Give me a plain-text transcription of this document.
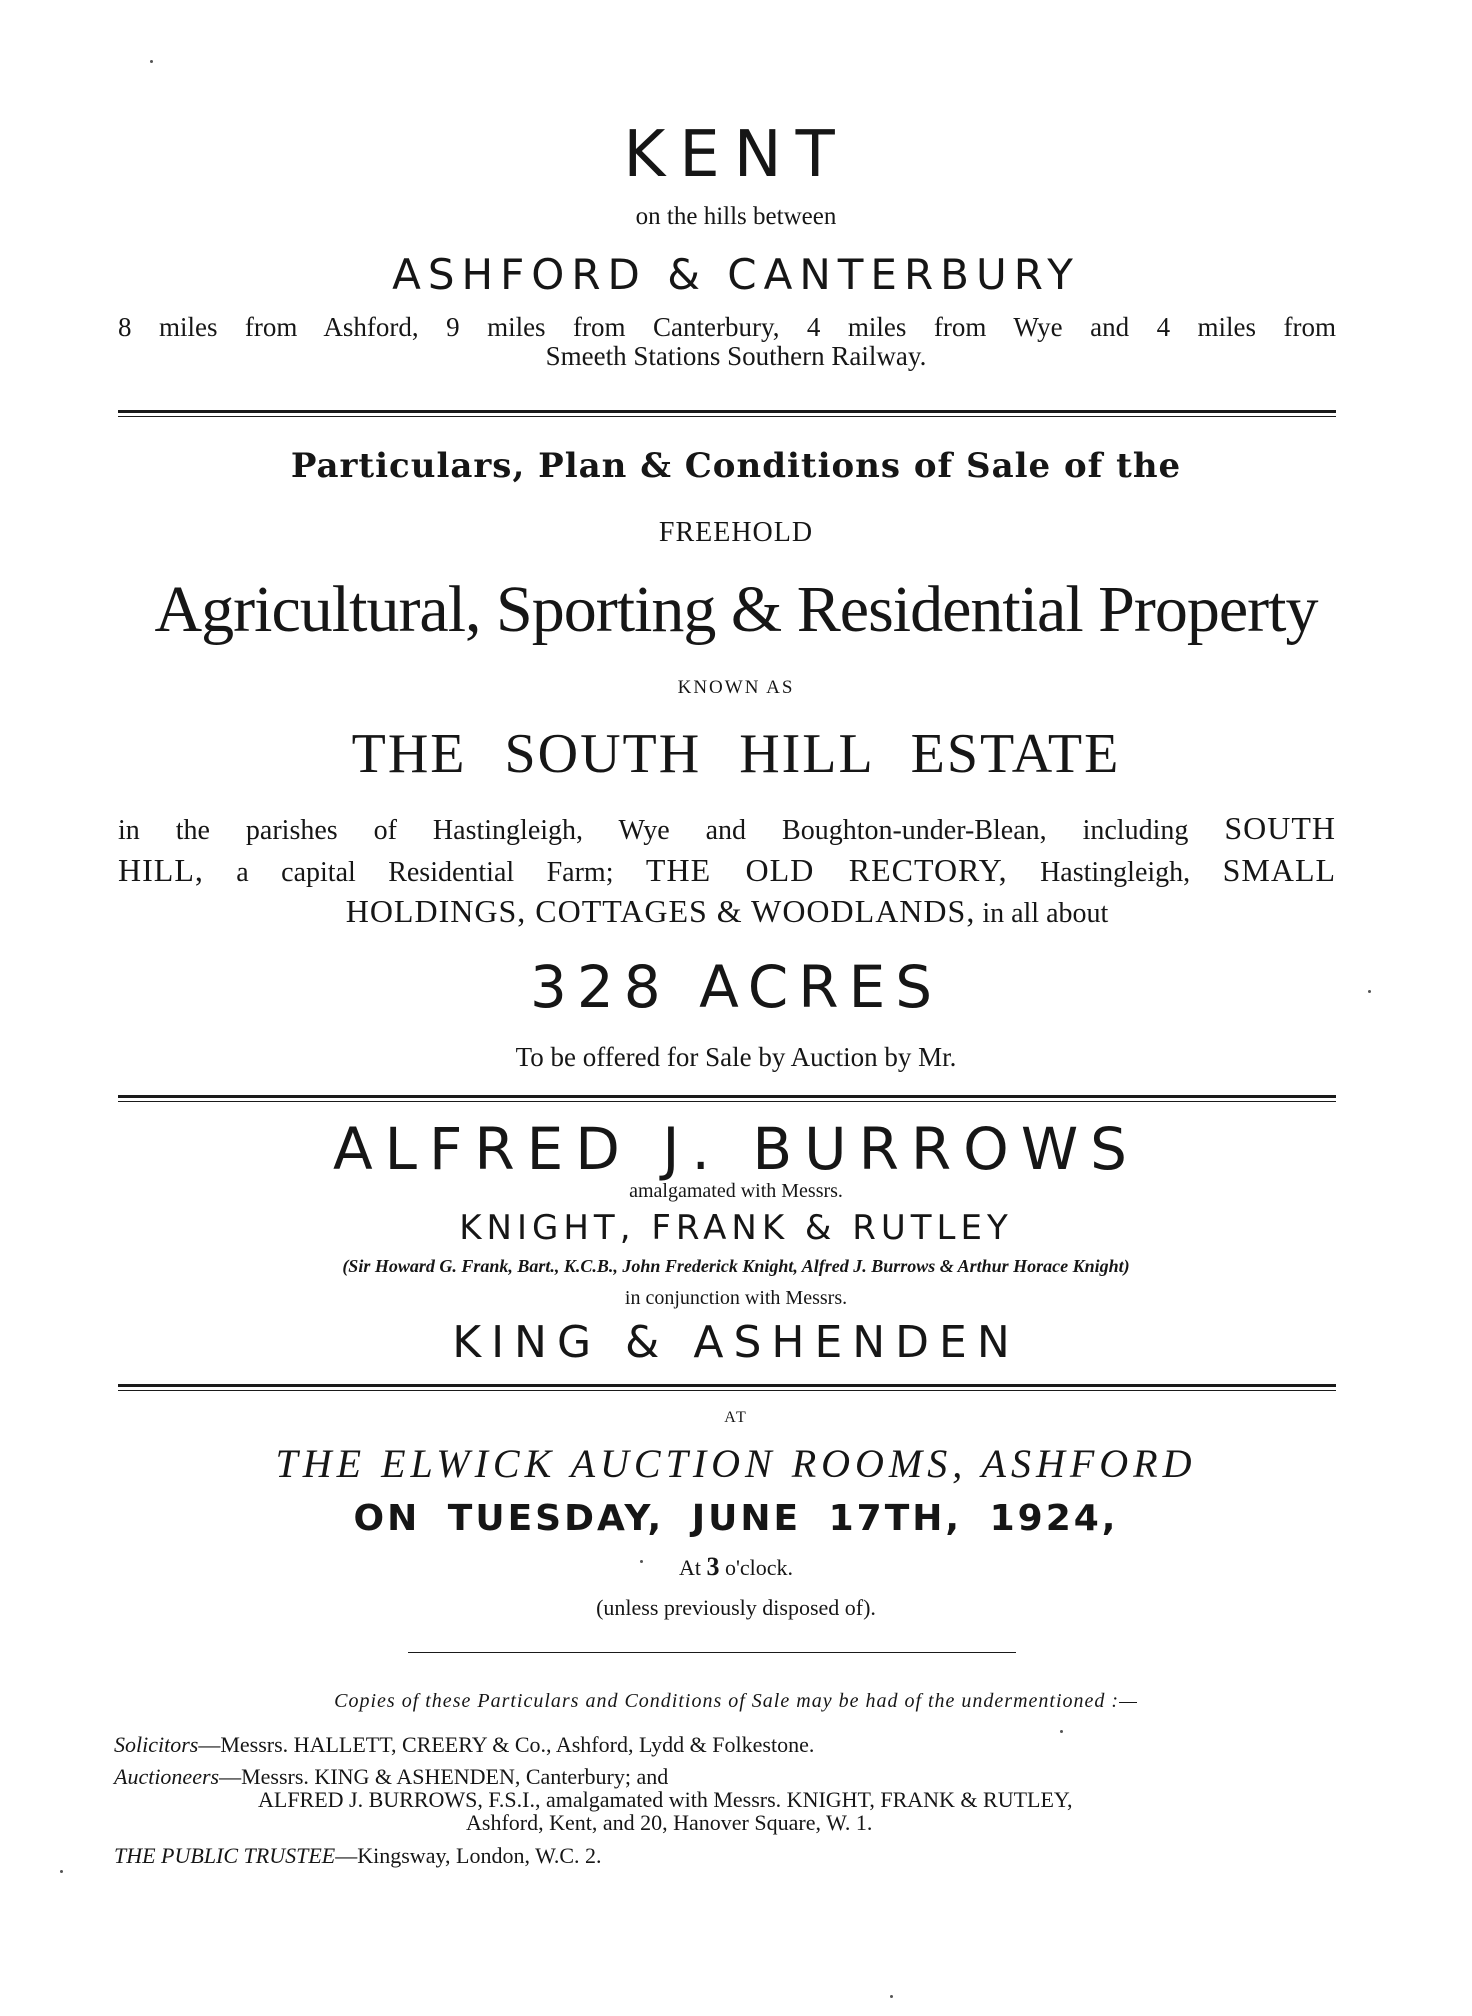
KENT
on the hills between
ASHFORD & CANTERBURY
8 miles from Ashford, 9 miles from Canterbury, 4 miles from Wye and 4 miles from
Smeeth Stations Southern Railway.
Particulars, Plan & Conditions of Sale of the
FREEHOLD
Agricultural, Sporting & Residential Property
KNOWN AS
THE SOUTH HILL ESTATE
in the parishes of Hastingleigh, Wye and Boughton-under-Blean, including SOUTH
HILL, a capital Residential Farm; THE OLD RECTORY, Hastingleigh, SMALL
HOLDINGS, COTTAGES & WOODLANDS, in all about
328 ACRES
To be offered for Sale by Auction by Mr.
ALFRED J. BURROWS
amalgamated with Messrs.
KNIGHT, FRANK & RUTLEY
(Sir Howard G. Frank, Bart., K.C.B., John Frederick Knight, Alfred J. Burrows & Arthur Horace Knight)
in conjunction with Messrs.
KING & ASHENDEN
AT
THE ELWICK AUCTION ROOMS, ASHFORD
ON TUESDAY, JUNE 17TH, 1924,
At 3 o'clock.
(unless previously disposed of).
Copies of these Particulars and Conditions of Sale may be had of the undermentioned :—
Solicitors—Messrs. HALLETT, CREERY & Co., Ashford, Lydd & Folkestone.
Auctioneers—Messrs. KING & ASHENDEN, Canterbury; and
ALFRED J. BURROWS, F.S.I., amalgamated with Messrs. KNIGHT, FRANK & RUTLEY,
Ashford, Kent, and 20, Hanover Square, W. 1.
THE PUBLIC TRUSTEE—Kingsway, London, W.C. 2.
